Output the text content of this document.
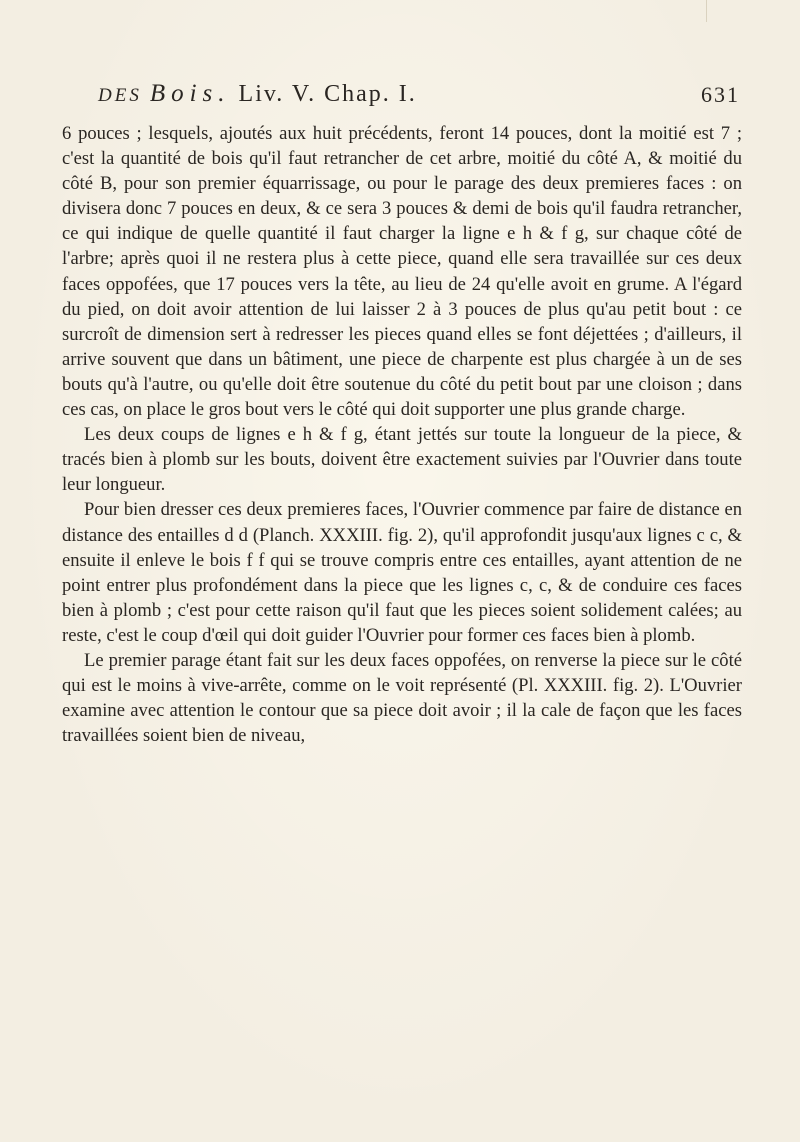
DES Bois. Liv. V. Chap. I.	631

6 pouces ; lesquels, ajoutés aux huit précédents, feront 14 pouces, dont la moitié est 7 ; c'est la quantité de bois qu'il faut retrancher de cet arbre, moitié du côté A, & moitié du côté B, pour son premier équarrissage, ou pour le parage des deux premieres faces : on divisera donc 7 pouces en deux, & ce sera 3 pouces & demi de bois qu'il faudra retrancher, ce qui indique de quelle quantité il faut charger la ligne e h & f g, sur chaque côté de l'arbre; après quoi il ne restera plus à cette piece, quand elle sera travaillée sur ces deux faces oppofées, que 17 pouces vers la tête, au lieu de 24 qu'elle avoit en grume. A l'égard du pied, on doit avoir attention de lui laisser 2 à 3 pouces de plus qu'au petit bout : ce surcroît de dimension sert à redresser les pieces quand elles se font déjettées ; d'ailleurs, il arrive souvent que dans un bâtiment, une piece de charpente est plus chargée à un de ses bouts qu'à l'autre, ou qu'elle doit être soutenue du côté du petit bout par une cloison ; dans ces cas, on place le gros bout vers le côté qui doit supporter une plus grande charge.

Les deux coups de lignes e h & f g, étant jettés sur toute la longueur de la piece, & tracés bien à plomb sur les bouts, doivent être exactement suivies par l'Ouvrier dans toute leur longueur.

Pour bien dresser ces deux premieres faces, l'Ouvrier commence par faire de distance en distance des entailles d d (Planch. XXXIII. fig. 2), qu'il approfondit jusqu'aux lignes c c, & ensuite il enleve le bois f f qui se trouve compris entre ces entailles, ayant attention de ne point entrer plus profondément dans la piece que les lignes c, c, & de conduire ces faces bien à plomb ; c'est pour cette raison qu'il faut que les pieces soient solidement calées; au reste, c'est le coup d'œil qui doit guider l'Ouvrier pour former ces faces bien à plomb.

Le premier parage étant fait sur les deux faces oppofées, on renverse la piece sur le côté qui est le moins à vive-arrête, comme on le voit représenté (Pl. XXXIII. fig. 2). L'Ouvrier examine avec attention le contour que sa piece doit avoir ; il la cale de façon que les faces travaillées soient bien de niveau,
